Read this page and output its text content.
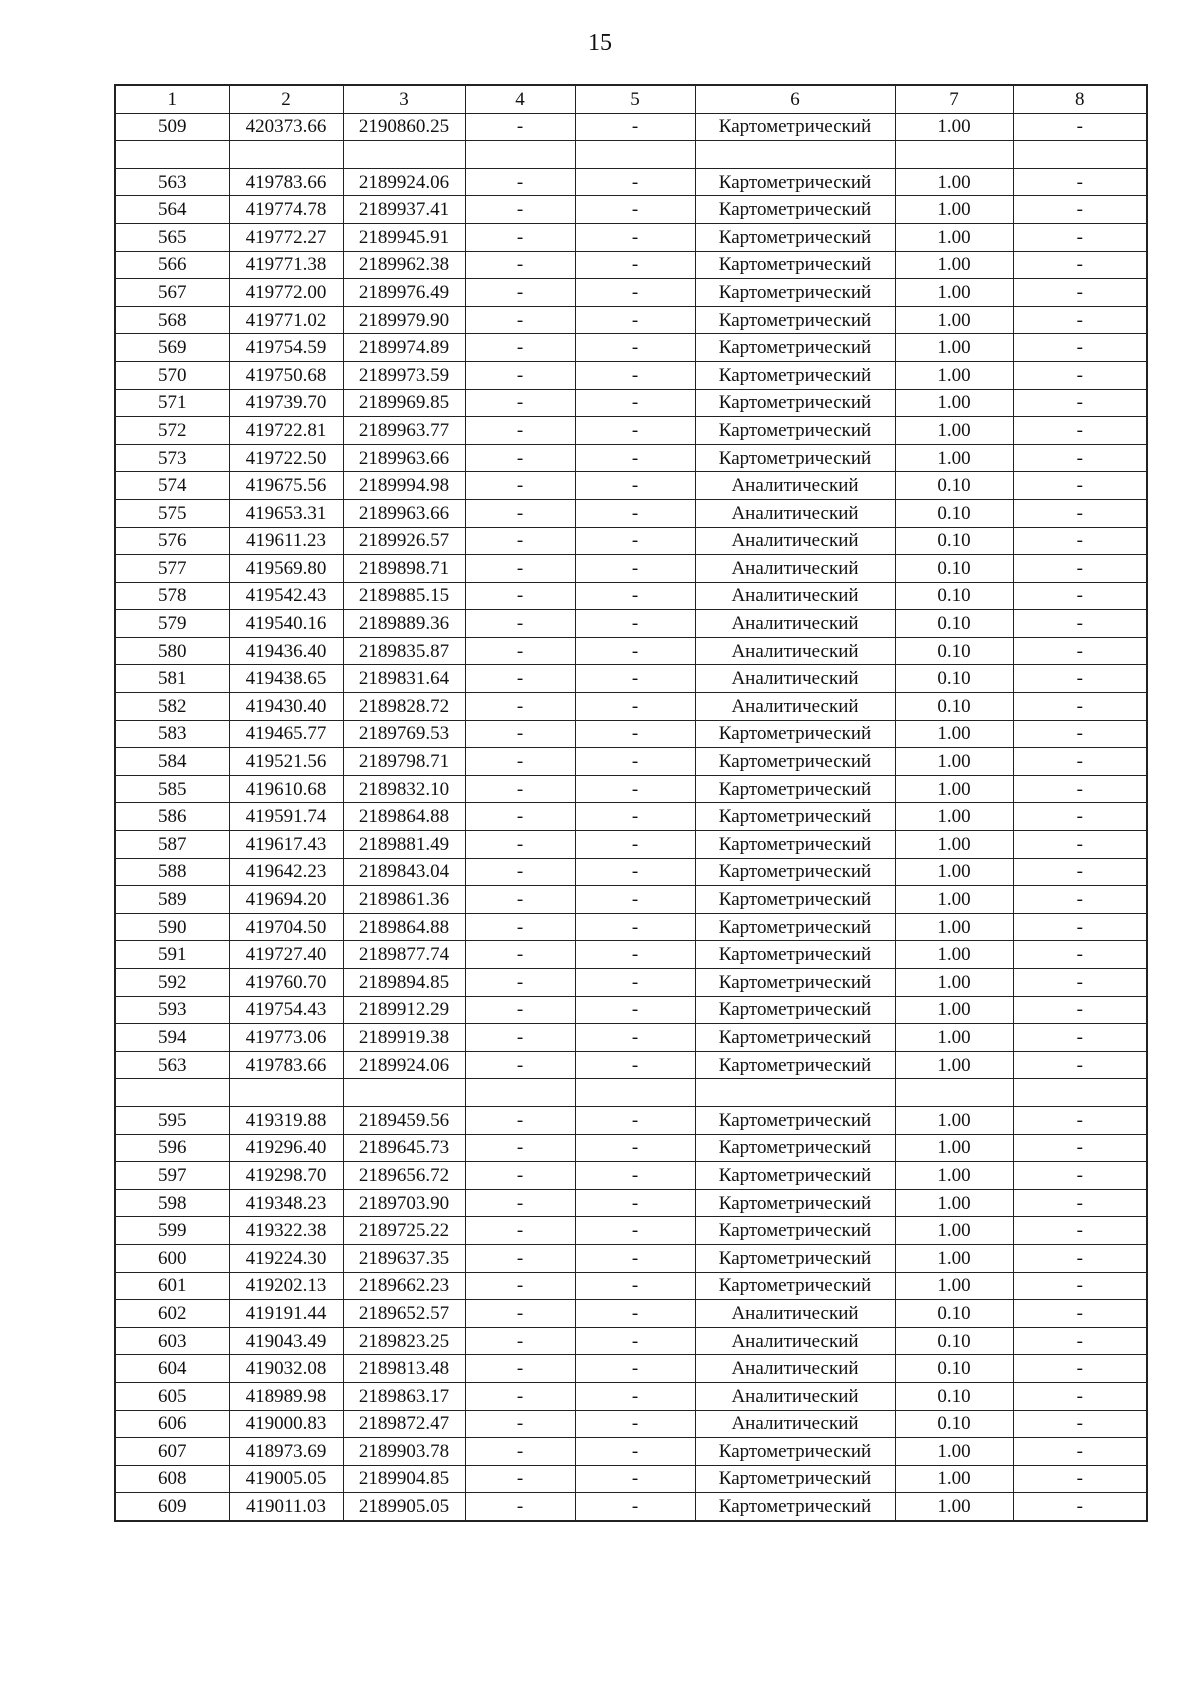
15
1	2	3	4	5	6	7	8
509	420373.66	2190860.25	-	-	Картометрический	1.00	-

563	419783.66	2189924.06	-	-	Картометрический	1.00	-
564	419774.78	2189937.41	-	-	Картометрический	1.00	-
565	419772.27	2189945.91	-	-	Картометрический	1.00	-
566	419771.38	2189962.38	-	-	Картометрический	1.00	-
567	419772.00	2189976.49	-	-	Картометрический	1.00	-
568	419771.02	2189979.90	-	-	Картометрический	1.00	-
569	419754.59	2189974.89	-	-	Картометрический	1.00	-
570	419750.68	2189973.59	-	-	Картометрический	1.00	-
571	419739.70	2189969.85	-	-	Картометрический	1.00	-
572	419722.81	2189963.77	-	-	Картометрический	1.00	-
573	419722.50	2189963.66	-	-	Картометрический	1.00	-
574	419675.56	2189994.98	-	-	Аналитический	0.10	-
575	419653.31	2189963.66	-	-	Аналитический	0.10	-
576	419611.23	2189926.57	-	-	Аналитический	0.10	-
577	419569.80	2189898.71	-	-	Аналитический	0.10	-
578	419542.43	2189885.15	-	-	Аналитический	0.10	-
579	419540.16	2189889.36	-	-	Аналитический	0.10	-
580	419436.40	2189835.87	-	-	Аналитический	0.10	-
581	419438.65	2189831.64	-	-	Аналитический	0.10	-
582	419430.40	2189828.72	-	-	Аналитический	0.10	-
583	419465.77	2189769.53	-	-	Картометрический	1.00	-
584	419521.56	2189798.71	-	-	Картометрический	1.00	-
585	419610.68	2189832.10	-	-	Картометрический	1.00	-
586	419591.74	2189864.88	-	-	Картометрический	1.00	-
587	419617.43	2189881.49	-	-	Картометрический	1.00	-
588	419642.23	2189843.04	-	-	Картометрический	1.00	-
589	419694.20	2189861.36	-	-	Картометрический	1.00	-
590	419704.50	2189864.88	-	-	Картометрический	1.00	-
591	419727.40	2189877.74	-	-	Картометрический	1.00	-
592	419760.70	2189894.85	-	-	Картометрический	1.00	-
593	419754.43	2189912.29	-	-	Картометрический	1.00	-
594	419773.06	2189919.38	-	-	Картометрический	1.00	-
563	419783.66	2189924.06	-	-	Картометрический	1.00	-

595	419319.88	2189459.56	-	-	Картометрический	1.00	-
596	419296.40	2189645.73	-	-	Картометрический	1.00	-
597	419298.70	2189656.72	-	-	Картометрический	1.00	-
598	419348.23	2189703.90	-	-	Картометрический	1.00	-
599	419322.38	2189725.22	-	-	Картометрический	1.00	-
600	419224.30	2189637.35	-	-	Картометрический	1.00	-
601	419202.13	2189662.23	-	-	Картометрический	1.00	-
602	419191.44	2189652.57	-	-	Аналитический	0.10	-
603	419043.49	2189823.25	-	-	Аналитический	0.10	-
604	419032.08	2189813.48	-	-	Аналитический	0.10	-
605	418989.98	2189863.17	-	-	Аналитический	0.10	-
606	419000.83	2189872.47	-	-	Аналитический	0.10	-
607	418973.69	2189903.78	-	-	Картометрический	1.00	-
608	419005.05	2189904.85	-	-	Картометрический	1.00	-
609	419011.03	2189905.05	-	-	Картометрический	1.00	-
